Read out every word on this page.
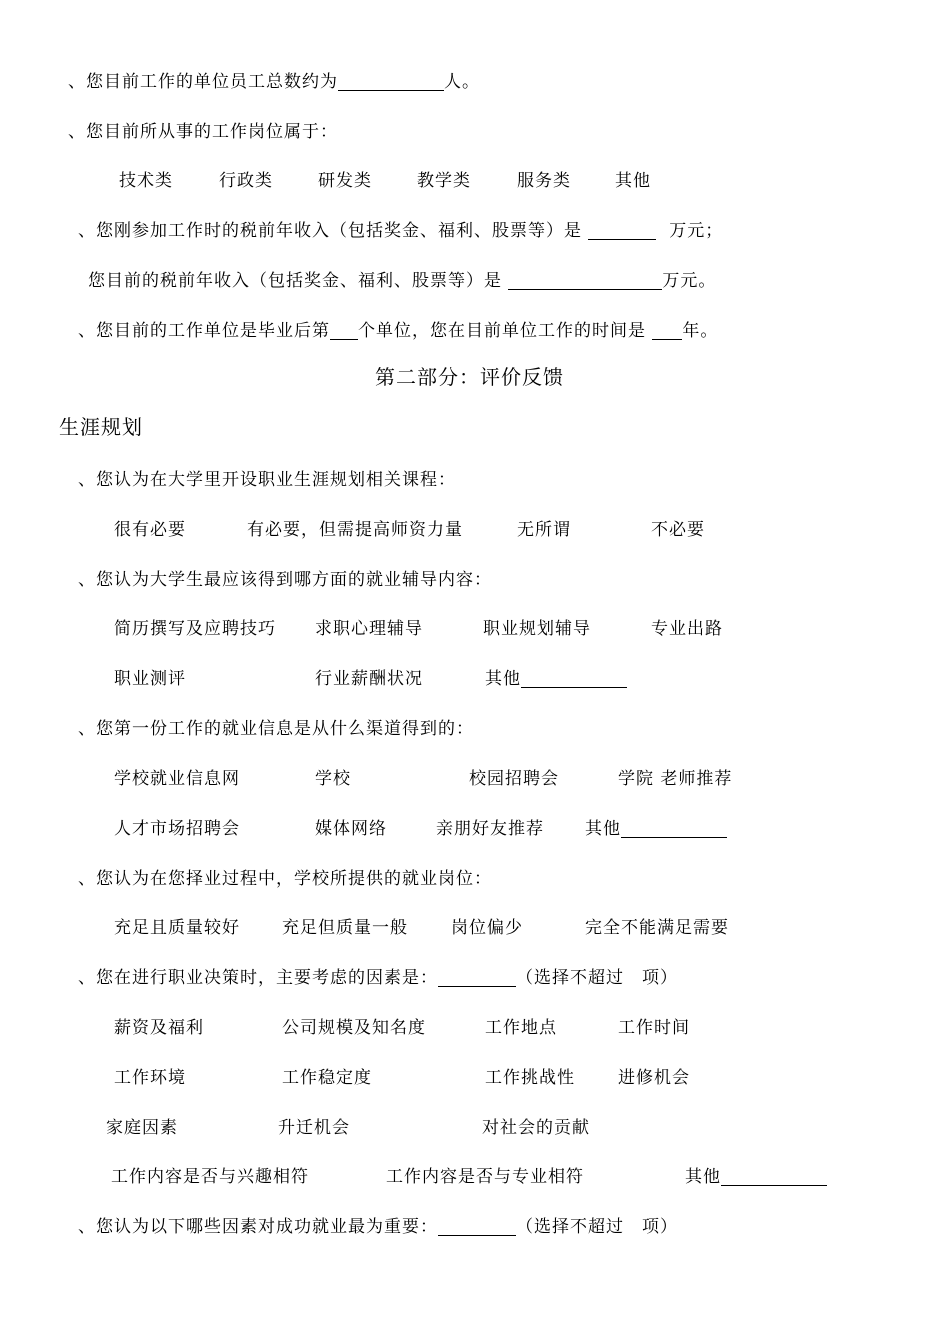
、您目前工作的单位员工总数约为	人。
、您目前所从事的工作岗位属于：
技术类	行政类	研发类	教学类	服务类	其他
、您刚参加工作时的税前年收入（包括奖金、福利、股票等）是	万元；
您目前的税前年收入（包括奖金、福利、股票等）是	万元。
、您目前的工作单位是毕业后第 个单位，您在目前单位工作的时间是 年。
第二部分：评价反馈
生涯规划
、您认为在大学里开设职业生涯规划相关课程：
很有必要	有必要，但需提高师资力量	无所谓	不必要
、您认为大学生最应该得到哪方面的就业辅导内容：
简历撰写及应聘技巧 求职心理辅导	职业规划辅导	专业出路
职业测评	行业薪酬状况	其他
、您第一份工作的就业信息是从什么渠道得到的：
学校就业信息网	学校	校园招聘会	学院 老师推荐
人才市场招聘会	媒体网络	亲朋好友推荐 其他
、您认为在您择业过程中，学校所提供的就业岗位：
充足且质量较好 充足但质量一般	岗位偏少	完全不能满足需要
、您在进行职业决策时，主要考虑的因素是：	（选择不超过　项）
薪资及福利	公司规模及知名度	工作地点	工作时间
工作环境	工作稳定度	工作挑战性	进修机会
家庭因素	升迁机会	对社会的贡献
工作内容是否与兴趣相符	工作内容是否与专业相符	其他
、您认为以下哪些因素对成功就业最为重要：	（选择不超过　项）
